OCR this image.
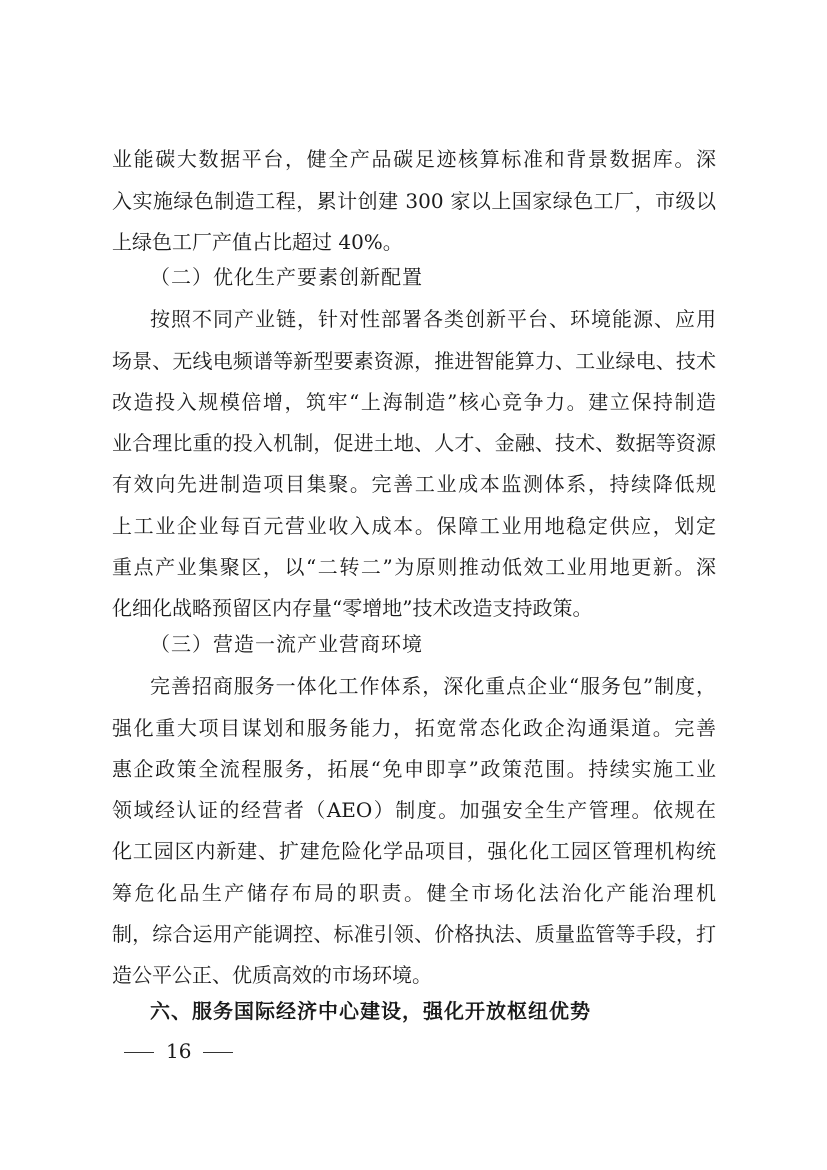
业能碳大数据平台，健全产品碳足迹核算标准和背景数据库。深
入实施绿色制造工程，累计创建 300 家以上国家绿色工厂，市级以
上绿色工厂产值占比超过 40%。
（二）优化生产要素创新配置
按照不同产业链，针对性部署各类创新平台、环境能源、应用
场景、无线电频谱等新型要素资源，推进智能算力、工业绿电、技术
改造投入规模倍增，筑牢“上海制造”核心竞争力。建立保持制造
业合理比重的投入机制，促进土地、人才、金融、技术、数据等资源
有效向先进制造项目集聚。完善工业成本监测体系，持续降低规
上工业企业每百元营业收入成本。保障工业用地稳定供应，划定
重点产业集聚区，以“二转二”为原则推动低效工业用地更新。深
化细化战略预留区内存量“零增地”技术改造支持政策。
（三）营造一流产业营商环境
完善招商服务一体化工作体系，深化重点企业“服务包”制度，
强化重大项目谋划和服务能力，拓宽常态化政企沟通渠道。完善
惠企政策全流程服务，拓展“免申即享”政策范围。持续实施工业
领域经认证的经营者（AEO）制度。加强安全生产管理。依规在
化工园区内新建、扩建危险化学品项目，强化化工园区管理机构统
筹危化品生产储存布局的职责。健全市场化法治化产能治理机
制，综合运用产能调控、标准引领、价格执法、质量监管等手段，打
造公平公正、优质高效的市场环境。
六、服务国际经济中心建设，强化开放枢纽优势
16
